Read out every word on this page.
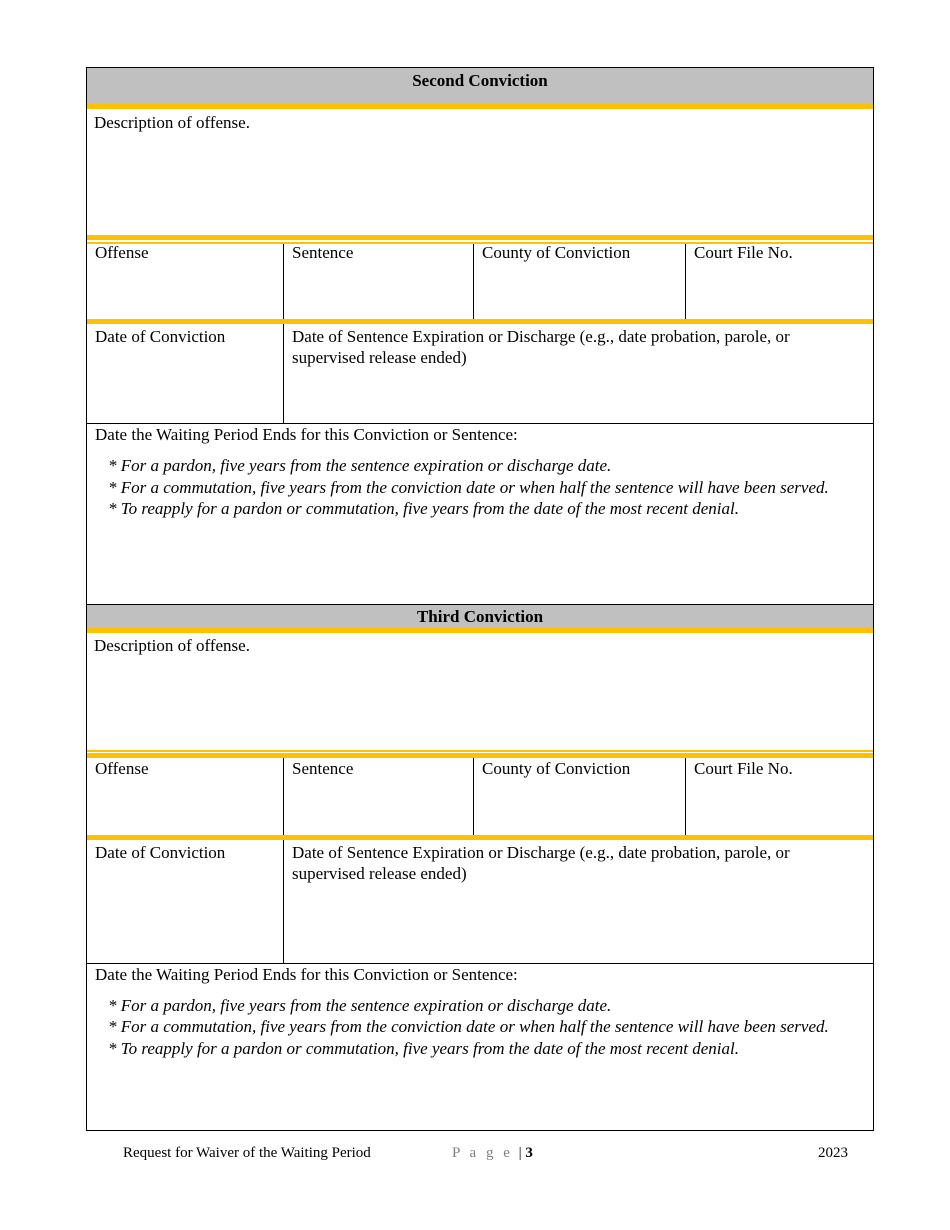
Second Conviction
Description of offense.
Offense	Sentence	County of Conviction	Court File No.
Date of Conviction	Date of Sentence Expiration or Discharge (e.g., date probation, parole, or supervised release ended)
Date the Waiting Period Ends for this Conviction or Sentence:
* For a pardon, five years from the sentence expiration or discharge date.
* For a commutation, five years from the conviction date or when half the sentence will have been served.
* To reapply for a pardon or commutation, five years from the date of the most recent denial.
Third Conviction
Description of offense.
Offense	Sentence	County of Conviction	Court File No.
Date of Conviction	Date of Sentence Expiration or Discharge (e.g., date probation, parole, or supervised release ended)
Date the Waiting Period Ends for this Conviction or Sentence:
* For a pardon, five years from the sentence expiration or discharge date.
* For a commutation, five years from the conviction date or when half the sentence will have been served.
* To reapply for a pardon or commutation, five years from the date of the most recent denial.
Request for Waiver of the Waiting Period	P a g e | 3	2023
